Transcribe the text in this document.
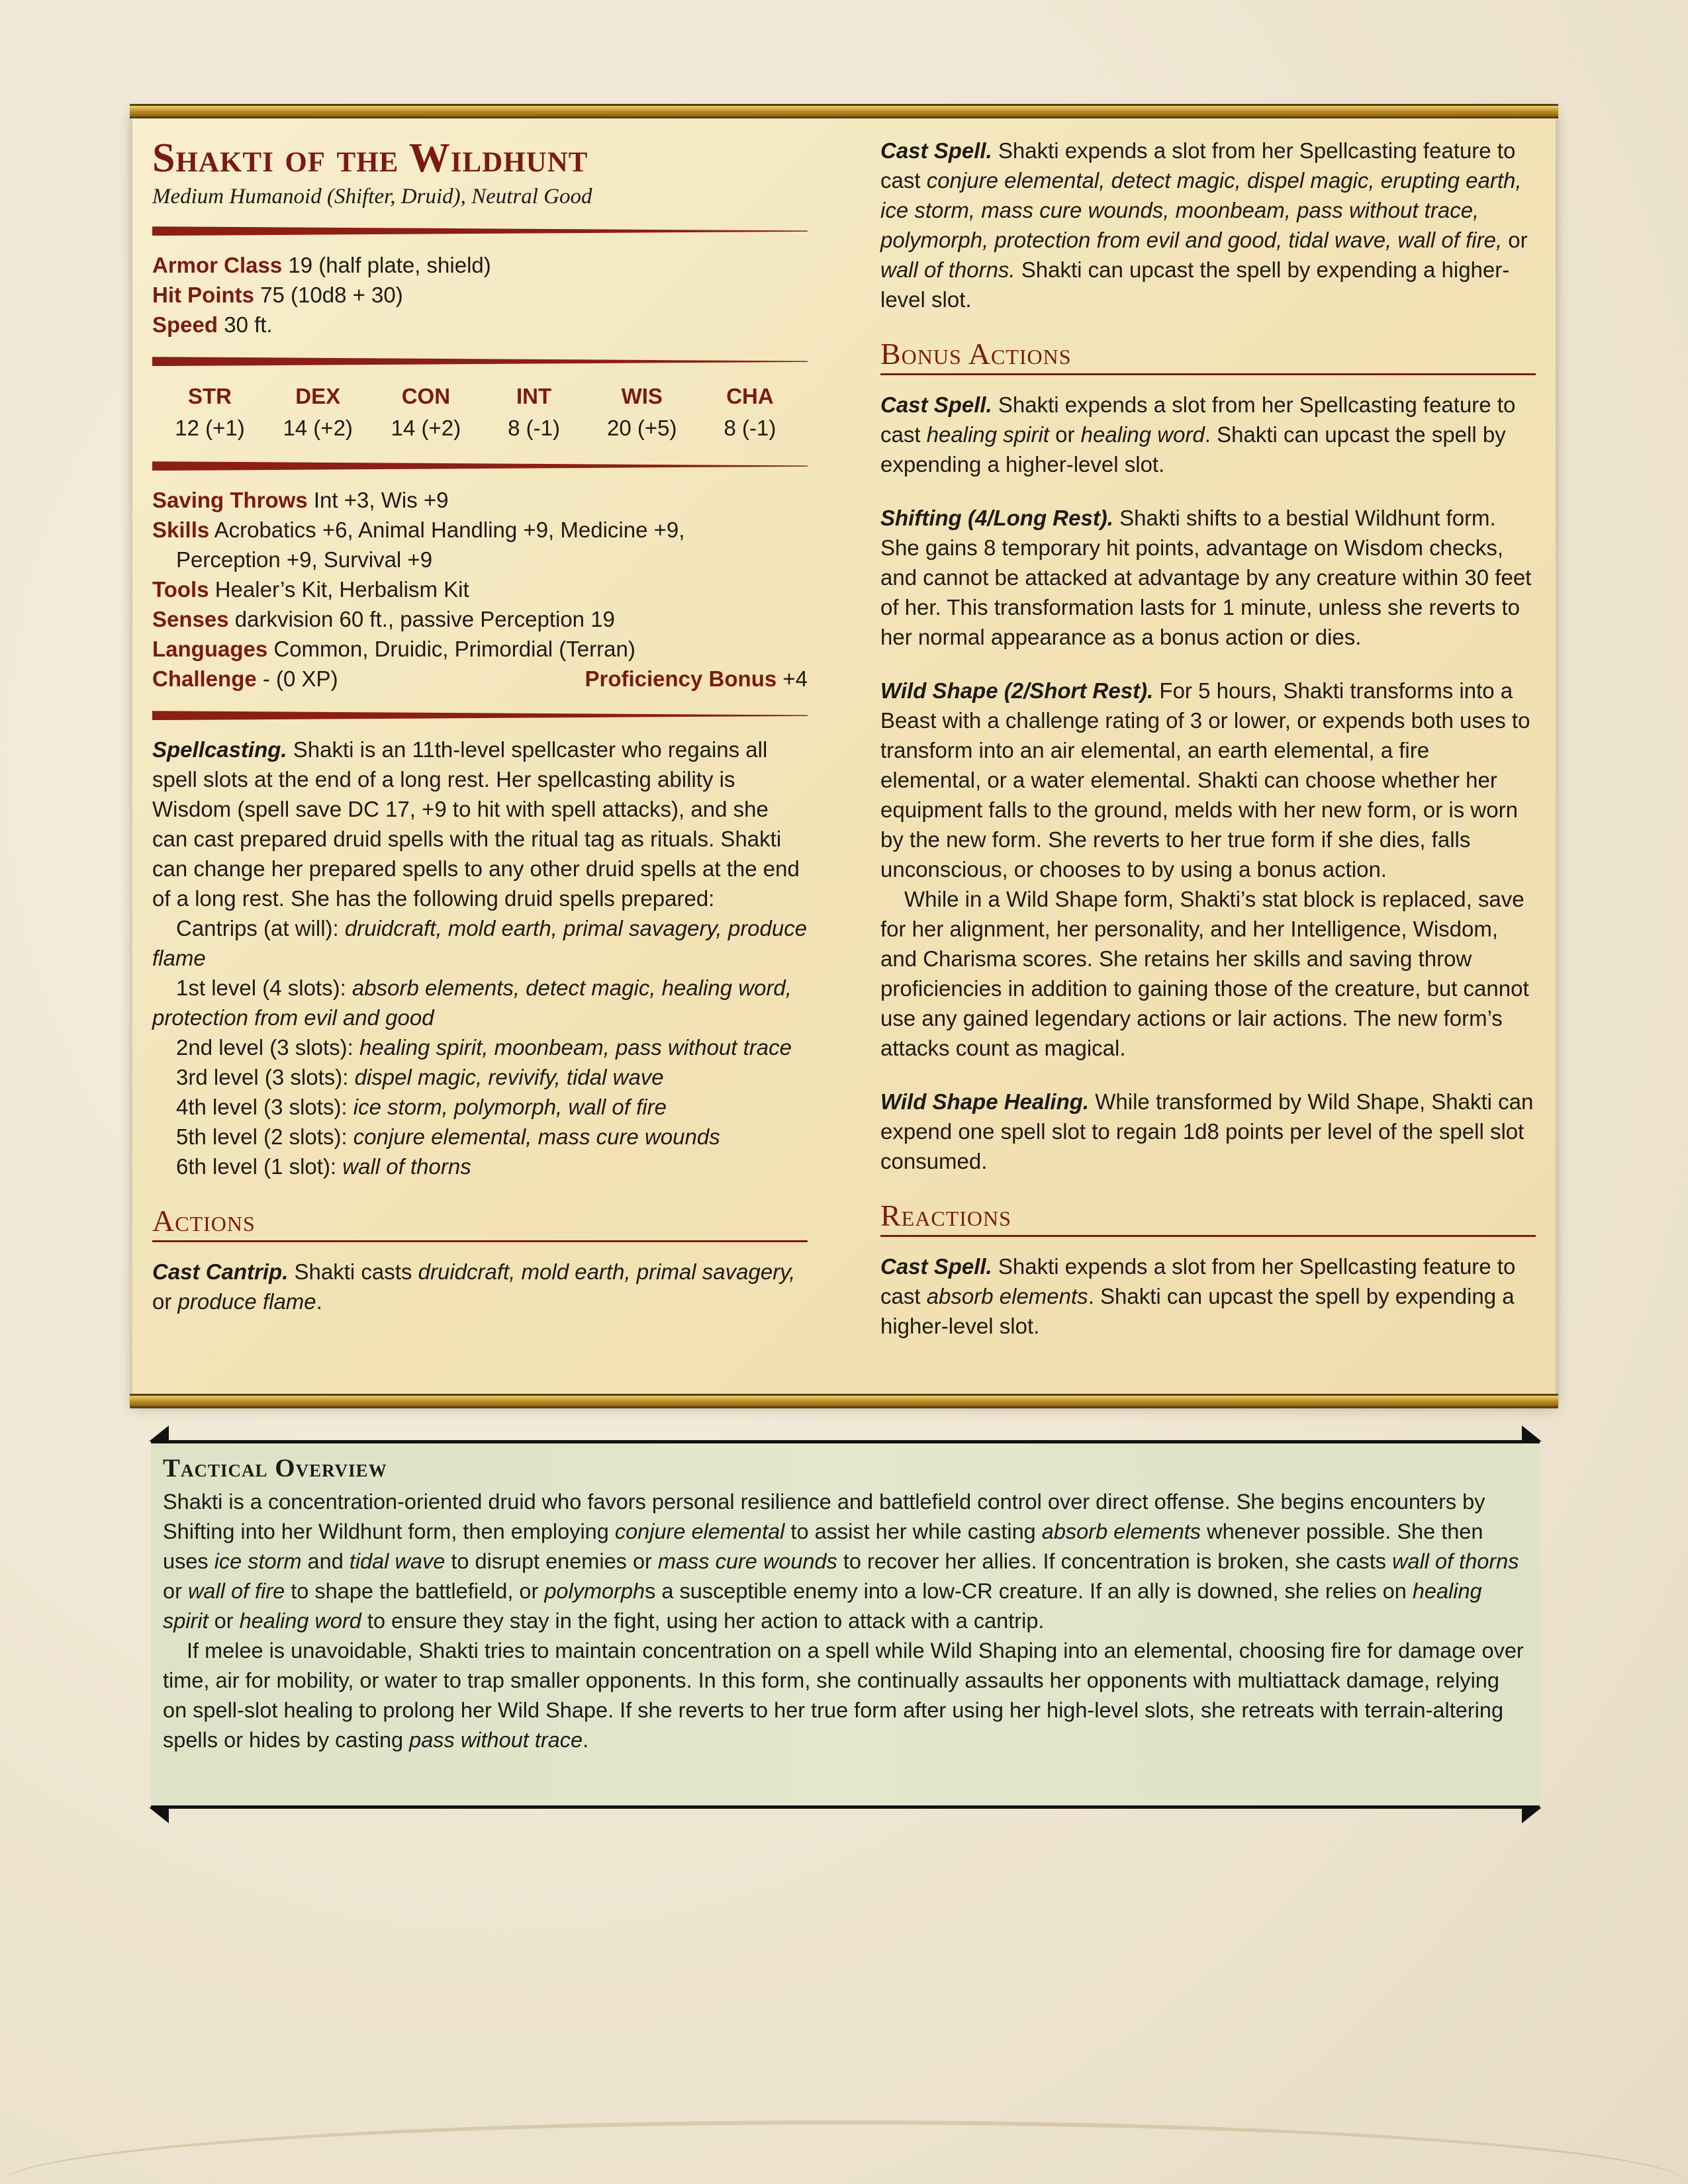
Shakti of the Wildhunt

Medium Humanoid (Shifter, Druid), Neutral Good

Armor Class 19 (half plate, shield)
Hit Points 75 (10d8 + 30)
Speed 30 ft.
STR
12 (+1)
DEX
14 (+2)
CON
14 (+2)
INT
8 (-1)
WIS
20 (+5)
CHA
8 (-1)
Saving Throws Int +3, Wis +9
Skills Acrobatics +6, Animal Handling +9, Medicine +9,
Perception +9, Survival +9
Tools Healer’s Kit, Herbalism Kit
Senses darkvision 60 ft., passive Perception 19
Languages Common, Druidic, Primordial (Terran)
Challenge - (0 XP)	Proficiency Bonus +4

Spellcasting. Shakti is an 11th-level spellcaster who regains all spell slots at the end of a long rest. Her spellcasting ability is Wisdom (spell save DC 17, +9 to hit with spell attacks), and she can cast prepared druid spells with the ritual tag as rituals. Shakti can change her prepared spells to any other druid spells at the end of a long rest. She has the following druid spells prepared:

Cantrips (at will): druidcraft, mold earth, primal savagery, produce flame
1st level (4 slots): absorb elements, detect magic, healing word, protection from evil and good
2nd level (3 slots): healing spirit, moonbeam, pass without trace
3rd level (3 slots): dispel magic, revivify, tidal wave
4th level (3 slots): ice storm, polymorph, wall of fire
5th level (2 slots): conjure elemental, mass cure wounds
6th level (1 slot): wall of thorns
Actions

Cast Cantrip. Shakti casts druidcraft, mold earth, primal savagery, or produce flame.

Cast Spell. Shakti expends a slot from her Spellcasting feature to cast conjure elemental, detect magic, dispel magic, erupting earth, ice storm, mass cure wounds, moonbeam, pass without trace, polymorph, protection from evil and good, tidal wave, wall of fire, or wall of thorns. Shakti can upcast the spell by expending a higher-level slot.

Bonus Actions

Cast Spell. Shakti expends a slot from her Spellcasting feature to cast healing spirit or healing word. Shakti can upcast the spell by expending a higher-level slot.

Shifting (4/Long Rest). Shakti shifts to a bestial Wildhunt form. She gains 8 temporary hit points, advantage on Wisdom checks, and cannot be attacked at advantage by any creature within 30 feet of her. This transformation lasts for 1 minute, unless she reverts to her normal appearance as a bonus action or dies.

Wild Shape (2/Short Rest). For 5 hours, Shakti transforms into a Beast with a challenge rating of 3 or lower, or expends both uses to transform into an air elemental, an earth elemental, a fire elemental, or a water elemental. Shakti can choose whether her equipment falls to the ground, melds with her new form, or is worn by the new form. She reverts to her true form if she dies, falls unconscious, or chooses to by using a bonus action.

While in a Wild Shape form, Shakti’s stat block is replaced, save for her alignment, her personality, and her Intelligence, Wisdom, and Charisma scores. She retains her skills and saving throw proficiencies in addition to gaining those of the creature, but cannot use any gained legendary actions or lair actions. The new form’s attacks count as magical.

Wild Shape Healing. While transformed by Wild Shape, Shakti can expend one spell slot to regain 1d8 points per level of the spell slot consumed.

Reactions

Cast Spell. Shakti expends a slot from her Spellcasting feature to cast absorb elements. Shakti can upcast the spell by expending a higher-level slot.

Tactical Overview

Shakti is a concentration-oriented druid who favors personal resilience and battlefield control over direct offense. She begins encounters by Shifting into her Wildhunt form, then employing conjure elemental to assist her while casting absorb elements whenever possible. She then uses ice storm and tidal wave to disrupt enemies or mass cure wounds to recover her allies. If concentration is broken, she casts wall of thorns or wall of fire to shape the battlefield, or polymorphs a susceptible enemy into a low-CR creature. If an ally is downed, she relies on healing spirit or healing word to ensure they stay in the fight, using her action to attack with a cantrip.

If melee is unavoidable, Shakti tries to maintain concentration on a spell while Wild Shaping into an elemental, choosing fire for damage over time, air for mobility, or water to trap smaller opponents. In this form, she continually assaults her opponents with multiattack damage, relying on spell-slot healing to prolong her Wild Shape. If she reverts to her true form after using her high-level slots, she retreats with terrain-altering spells or hides by casting pass without trace.
